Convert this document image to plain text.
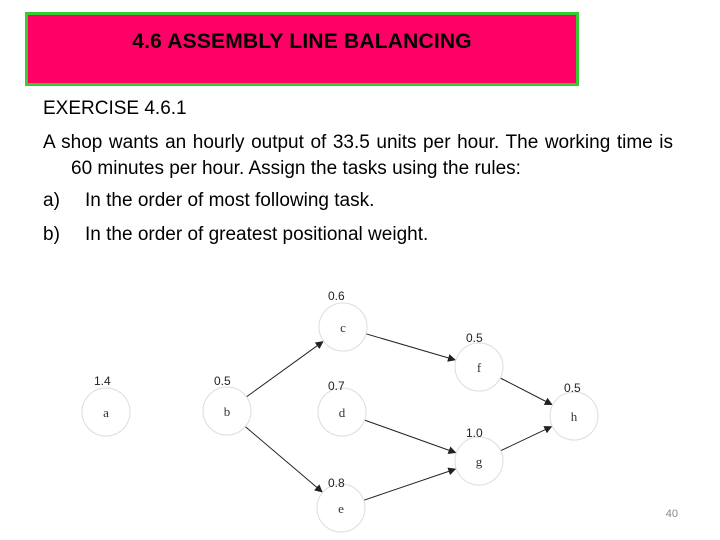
4.6 ASSEMBLY LINE BALANCING

EXERCISE 4.6.1

A shop wants an hourly output of 33.5 units per hour. The working time is 60 minutes per hour. Assign the tasks using the rules:

a)	In the order of most following task.

b)	In the order of greatest positional weight.

a
1.4
b
0.5
c
0.6
d
0.7
e
0.8
f
0.5
g
1.0
h
0.5
40
